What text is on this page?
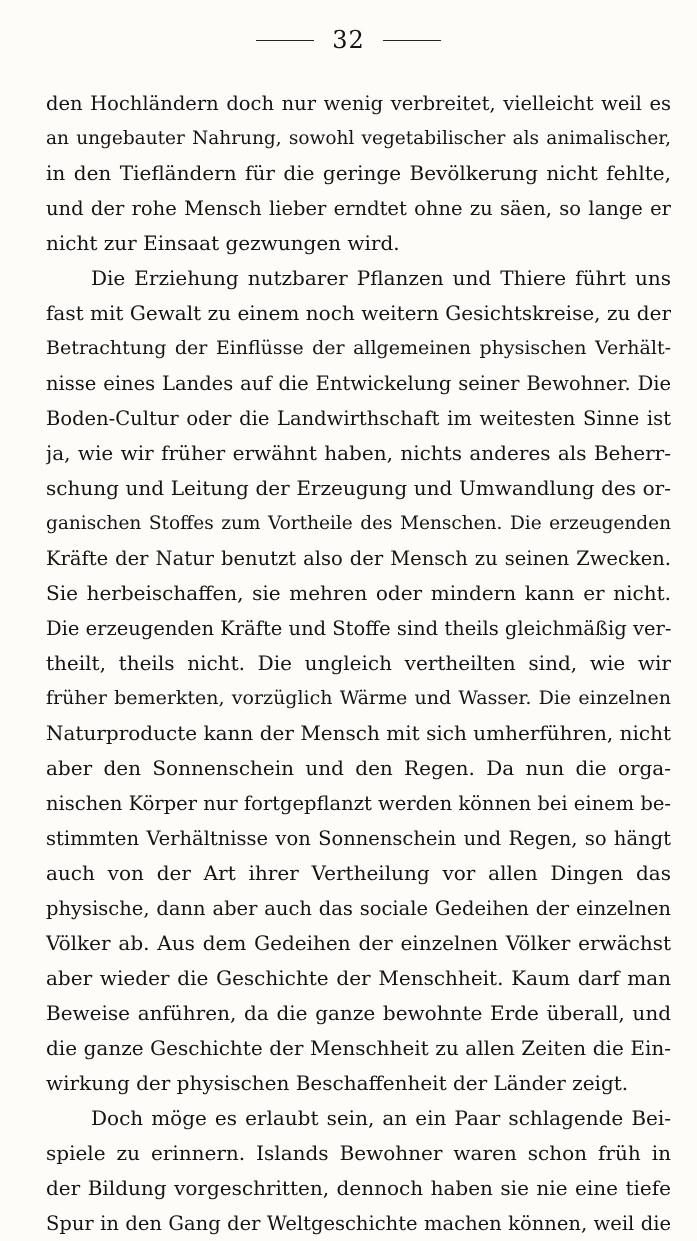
32
den Hochländern doch nur wenig verbreitet, vielleicht weil es
an ungebauter Nahrung, sowohl vegetabilischer als animalischer,
in den Tiefländern für die geringe Bevölkerung nicht fehlte,
und der rohe Mensch lieber erndtet ohne zu säen, so lange er
nicht zur Einsaat gezwungen wird.
Die Erziehung nutzbarer Pflanzen und Thiere führt uns
fast mit Gewalt zu einem noch weitern Gesichtskreise, zu der
Betrachtung der Einflüsse der allgemeinen physischen Verhält-
nisse eines Landes auf die Entwickelung seiner Bewohner. Die
Boden-Cultur oder die Landwirthschaft im weitesten Sinne ist
ja, wie wir früher erwähnt haben, nichts anderes als Beherr-
schung und Leitung der Erzeugung und Umwandlung des or-
ganischen Stoffes zum Vortheile des Menschen. Die erzeugenden
Kräfte der Natur benutzt also der Mensch zu seinen Zwecken.
Sie herbeischaffen, sie mehren oder mindern kann er nicht.
Die erzeugenden Kräfte und Stoffe sind theils gleichmäßig ver-
theilt, theils nicht. Die ungleich vertheilten sind, wie wir
früher bemerkten, vorzüglich Wärme und Wasser. Die einzelnen
Naturproducte kann der Mensch mit sich umherführen, nicht
aber den Sonnenschein und den Regen. Da nun die orga-
nischen Körper nur fortgepflanzt werden können bei einem be-
stimmten Verhältnisse von Sonnenschein und Regen, so hängt
auch von der Art ihrer Vertheilung vor allen Dingen das
physische, dann aber auch das sociale Gedeihen der einzelnen
Völker ab. Aus dem Gedeihen der einzelnen Völker erwächst
aber wieder die Geschichte der Menschheit. Kaum darf man
Beweise anführen, da die ganze bewohnte Erde überall, und
die ganze Geschichte der Menschheit zu allen Zeiten die Ein-
wirkung der physischen Beschaffenheit der Länder zeigt.
Doch möge es erlaubt sein, an ein Paar schlagende Bei-
spiele zu erinnern. Islands Bewohner waren schon früh in
der Bildung vorgeschritten, dennoch haben sie nie eine tiefe
Spur in den Gang der Weltgeschichte machen können, weil die
